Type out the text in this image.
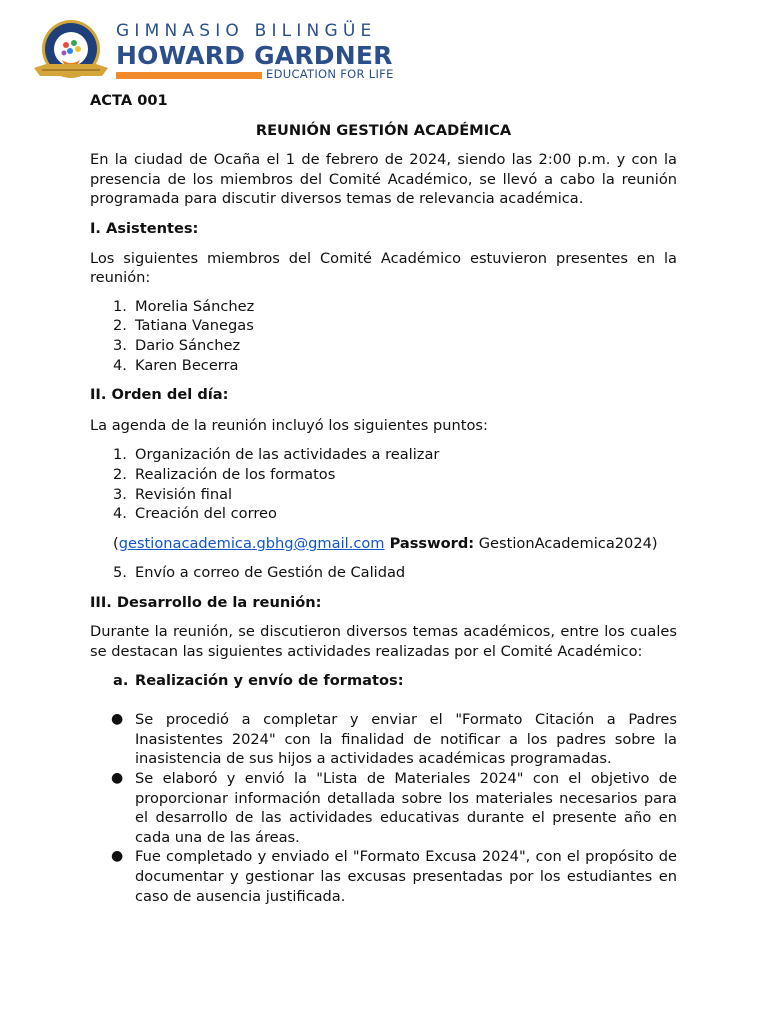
GIMNASIO BILINGÜE
HOWARD GARDNER
EDUCATION FOR LIFE

ACTA 001

REUNIÓN GESTIÓN ACADÉMICA

En la ciudad de Ocaña el 1 de febrero de 2024, siendo las 2:00 p.m. y con la presencia de los miembros del Comité Académico, se llevó a cabo la reunión programada para discutir diversos temas de relevancia académica.

I. Asistentes:

Los siguientes miembros del Comité Académico estuvieron presentes en la reunión:

1. Morelia Sánchez
2. Tatiana Vanegas
3. Dario Sánchez
4. Karen Becerra

II. Orden del día:

La agenda de la reunión incluyó los siguientes puntos:

1. Organización de las actividades a realizar
2. Realización de los formatos
3. Revisión final
4. Creación del correo

(gestionacademica.gbhg@gmail.com Password: GestionAcademica2024)

5. Envío a correo de Gestión de Calidad

III. Desarrollo de la reunión:

Durante la reunión, se discutieron diversos temas académicos, entre los cuales se destacan las siguientes actividades realizadas por el Comité Académico:

a. Realización y envío de formatos:
● Se procedió a completar y enviar el "Formato Citación a Padres Inasistentes 2024" con la finalidad de notificar a los padres sobre la inasistencia de sus hijos a actividades académicas programadas.
● Se elaboró y envió la "Lista de Materiales 2024" con el objetivo de proporcionar información detallada sobre los materiales necesarios para el desarrollo de las actividades educativas durante el presente año en cada una de las áreas.
● Fue completado y enviado el "Formato Excusa 2024", con el propósito de documentar y gestionar las excusas presentadas por los estudiantes en caso de ausencia justificada.
